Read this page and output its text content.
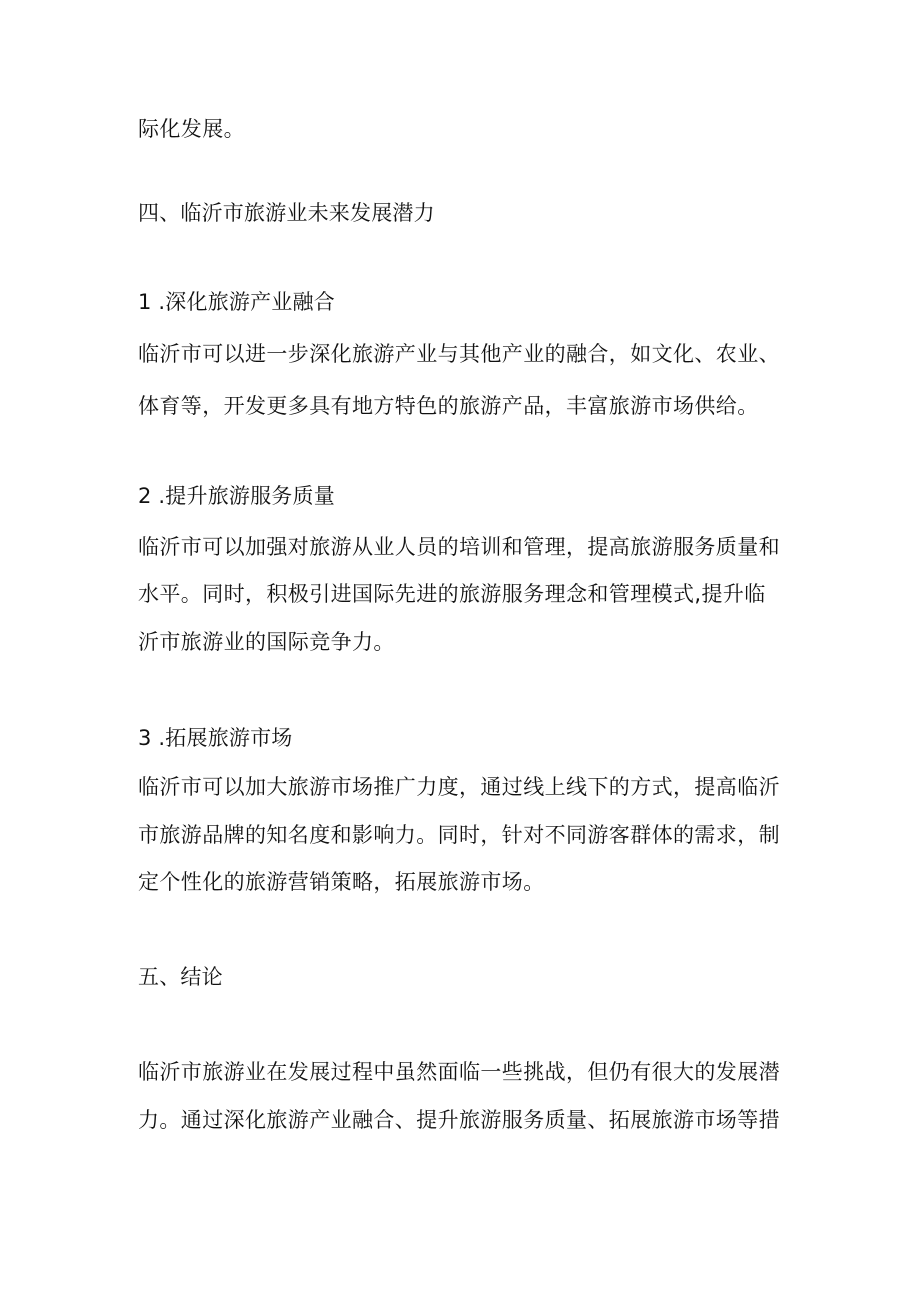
际化发展。
四、临沂市旅游业未来发展潜力
1 .深化旅游产业融合
临沂市可以进一步深化旅游产业与其他产业的融合，如文化、农业、
体育等，开发更多具有地方特色的旅游产品，丰富旅游市场供给。
2 .提升旅游服务质量
临沂市可以加强对旅游从业人员的培训和管理，提高旅游服务质量和
水平。同时，积极引进国际先进的旅游服务理念和管理模式,提升临
沂市旅游业的国际竞争力。
3 .拓展旅游市场
临沂市可以加大旅游市场推广力度，通过线上线下的方式，提高临沂
市旅游品牌的知名度和影响力。同时，针对不同游客群体的需求，制
定个性化的旅游营销策略，拓展旅游市场。
五、结论
临沂市旅游业在发展过程中虽然面临一些挑战，但仍有很大的发展潜
力。通过深化旅游产业融合、提升旅游服务质量、拓展旅游市场等措
